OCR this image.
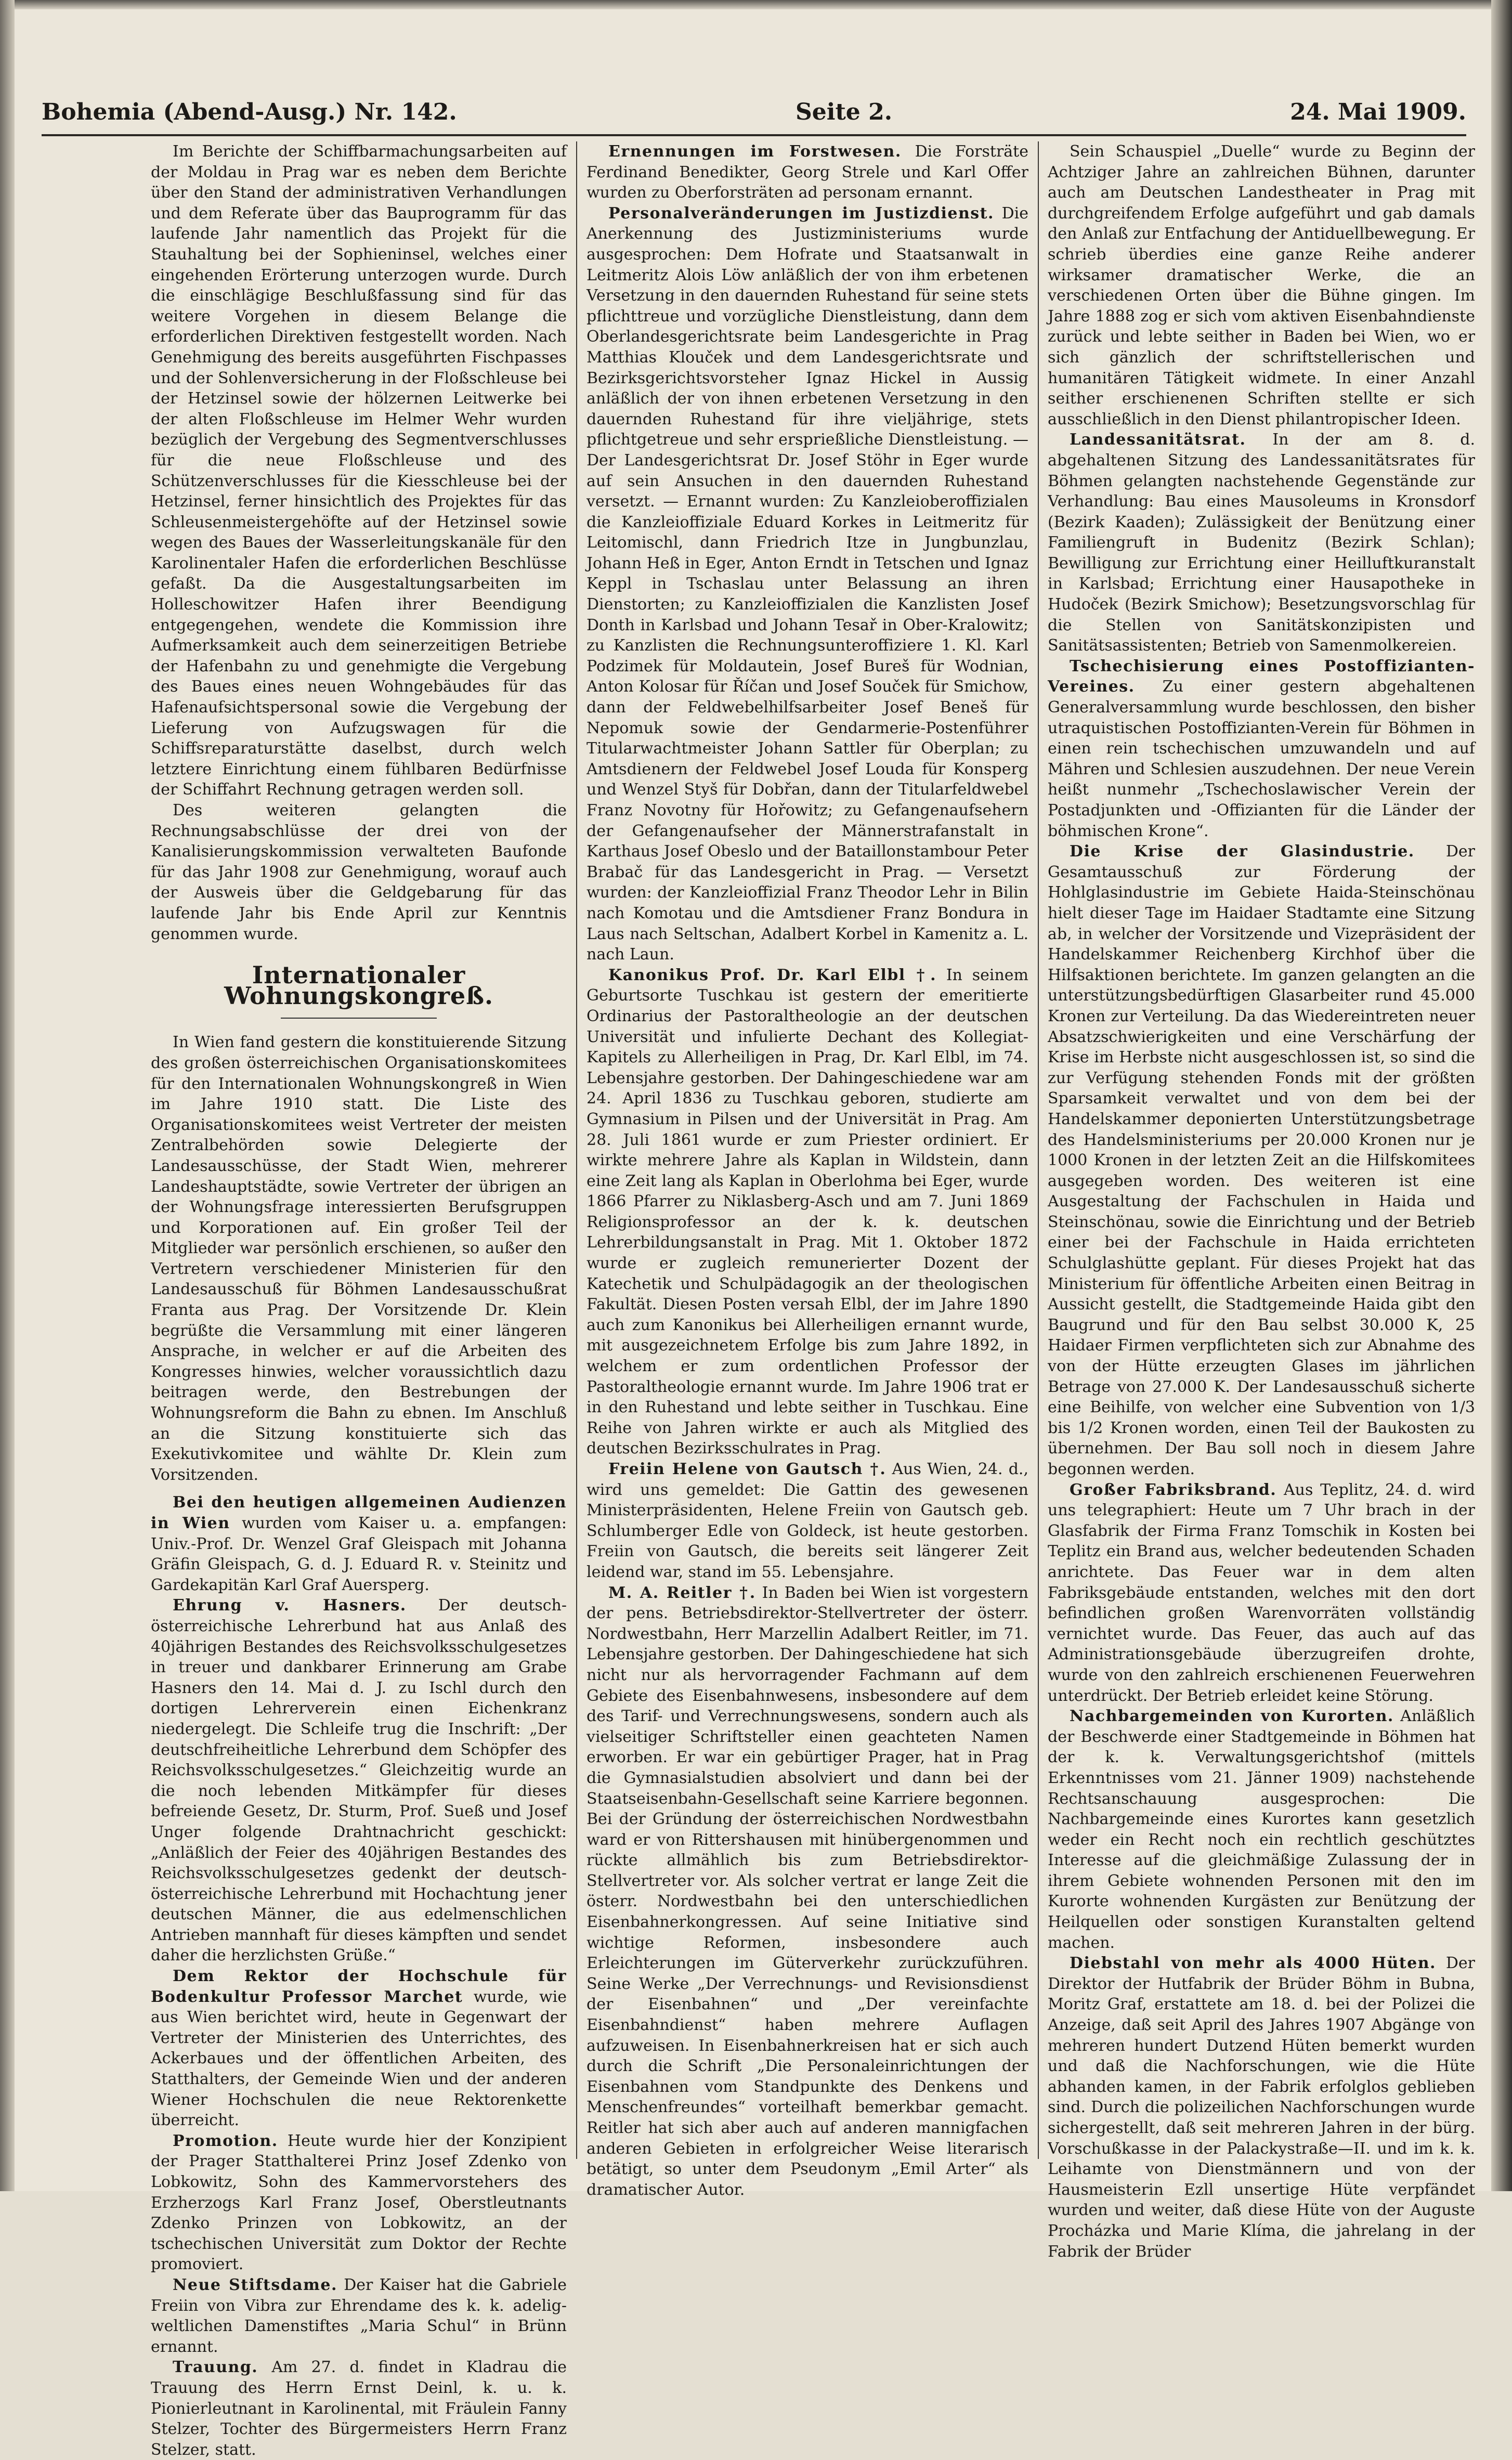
Bohemia (Abend-Ausg.) Nr. 142.	Seite 2.	24. Mai 1909.

Im Berichte der Schiffbarmachungsarbeiten auf der Moldau in Prag war es neben dem Berichte über den Stand der administrativen Verhandlungen und dem Referate über das Bauprogramm für das laufende Jahr namentlich das Projekt für die Stauhaltung bei der Sophieninsel, welches einer eingehenden Erörterung unterzogen wurde. Durch die einschlägige Beschlußfassung sind für das weitere Vorgehen in diesem Belange die erforderlichen Direktiven festgestellt worden. Nach Genehmigung des bereits ausgeführten Fischpasses und der Sohlenversicherung in der Floßschleuse bei der Hetzinsel sowie der hölzernen Leitwerke bei der alten Floßschleuse im Helmer Wehr wurden bezüglich der Vergebung des Segmentverschlusses für die neue Floßschleuse und des Schützenverschlusses für die Kiesschleuse bei der Hetzinsel, ferner hinsichtlich des Projektes für das Schleusenmeistergehöfte auf der Hetzinsel sowie wegen des Baues der Wasserleitungskanäle für den Karolinentaler Hafen die erforderlichen Beschlüsse gefaßt. Da die Ausgestaltungsarbeiten im Holleschowitzer Hafen ihrer Beendigung entgegengehen, wendete die Kommission ihre Aufmerksamkeit auch dem seinerzeitigen Betriebe der Hafenbahn zu und genehmigte die Vergebung des Baues eines neuen Wohngebäudes für das Hafenaufsichtspersonal sowie die Vergebung der Lieferung von Aufzugswagen für die Schiffsreparaturstätte daselbst, durch welch letztere Einrichtung einem fühlbaren Bedürfnisse der Schiffahrt Rechnung getragen werden soll.

Des weiteren gelangten die Rechnungsabschlüsse der drei von der Kanalisierungskommission verwalteten Baufonde für das Jahr 1908 zur Genehmigung, worauf auch der Ausweis über die Geldgebarung für das laufende Jahr bis Ende April zur Kenntnis genommen wurde.

Internationaler Wohnungskongreß.

In Wien fand gestern die konstituierende Sitzung des großen österreichischen Organisationskomitees für den Internationalen Wohnungskongreß in Wien im Jahre 1910 statt. Die Liste des Organisationskomitees weist Vertreter der meisten Zentralbehörden sowie Delegierte der Landesausschüsse, der Stadt Wien, mehrerer Landeshauptstädte, sowie Vertreter der übrigen an der Wohnungsfrage interessierten Berufsgruppen und Korporationen auf. Ein großer Teil der Mitglieder war persönlich erschienen, so außer den Vertretern verschiedener Ministerien für den Landesausschuß für Böhmen Landesausschußrat Franta aus Prag. Der Vorsitzende Dr. Klein begrüßte die Versammlung mit einer längeren Ansprache, in welcher er auf die Arbeiten des Kongresses hinwies, welcher voraussichtlich dazu beitragen werde, den Bestrebungen der Wohnungsreform die Bahn zu ebnen. Im Anschluß an die Sitzung konstituierte sich das Exekutivkomitee und wählte Dr. Klein zum Vorsitzenden.

Bei den heutigen allgemeinen Audienzen in Wien wurden vom Kaiser u. a. empfangen: Univ.-Prof. Dr. Wenzel Graf Gleispach mit Johanna Gräfin Gleispach, G. d. J. Eduard R. v. Steinitz und Gardekapitän Karl Graf Auersperg.

Ehrung v. Hasners. Der deutsch-österreichische Lehrerbund hat aus Anlaß des 40jährigen Bestandes des Reichsvolksschulgesetzes in treuer und dankbarer Erinnerung am Grabe Hasners den 14. Mai d. J. zu Ischl durch den dortigen Lehrerverein einen Eichenkranz niedergelegt. Die Schleife trug die Inschrift: „Der deutschfreiheitliche Lehrerbund dem Schöpfer des Reichsvolksschulgesetzes.“ Gleichzeitig wurde an die noch lebenden Mitkämpfer für dieses befreiende Gesetz, Dr. Sturm, Prof. Sueß und Josef Unger folgende Drahtnachricht geschickt: „Anläßlich der Feier des 40jährigen Bestandes des Reichsvolksschulgesetzes gedenkt der deutsch-österreichische Lehrerbund mit Hochachtung jener deutschen Männer, die aus edelmenschlichen Antrieben mannhaft für dieses kämpften und sendet daher die herzlichsten Grüße.“

Dem Rektor der Hochschule für Bodenkultur Professor Marchet wurde, wie aus Wien berichtet wird, heute in Gegenwart der Vertreter der Ministerien des Unterrichtes, des Ackerbaues und der öffentlichen Arbeiten, des Statthalters, der Gemeinde Wien und der anderen Wiener Hochschulen die neue Rektorenkette überreicht.

Promotion. Heute wurde hier der Konzipient der Prager Statthalterei Prinz Josef Zdenko von Lobkowitz, Sohn des Kammervorstehers des Erzherzogs Karl Franz Josef, Oberstleutnants Zdenko Prinzen von Lobkowitz, an der tschechischen Universität zum Doktor der Rechte promoviert.

Neue Stiftsdame. Der Kaiser hat die Gabriele Freiin von Vibra zur Ehrendame des k. k. adelig-weltlichen Damenstiftes „Maria Schul“ in Brünn ernannt.

Trauung. Am 27. d. findet in Kladrau die Trauung des Herrn Ernst Deinl, k. u. k. Pionierleutnant in Karolinental, mit Fräulein Fanny Stelzer, Tochter des Bürgermeisters Herrn Franz Stelzer, statt.

Ernennungen im Forstwesen. Die Forsträte Ferdinand Benedikter, Georg Strele und Karl Offer wurden zu Oberforsträten ad personam ernannt.

Personalveränderungen im Justizdienst. Die Anerkennung des Justizministeriums wurde ausgesprochen: Dem Hofrate und Staatsanwalt in Leitmeritz Alois Löw anläßlich der von ihm erbetenen Versetzung in den dauernden Ruhestand für seine stets pflichttreue und vorzügliche Dienstleistung, dann dem Oberlandesgerichtsrate beim Landesgerichte in Prag Matthias Klouček und dem Landesgerichtsrate und Bezirksgerichtsvorsteher Ignaz Hickel in Aussig anläßlich der von ihnen erbetenen Versetzung in den dauernden Ruhestand für ihre vieljährige, stets pflichtgetreue und sehr ersprießliche Dienstleistung. — Der Landesgerichtsrat Dr. Josef Stöhr in Eger wurde auf sein Ansuchen in den dauernden Ruhestand versetzt. — Ernannt wurden: Zu Kanzleioberoffizialen die Kanzleioffiziale Eduard Korkes in Leitmeritz für Leitomischl, dann Friedrich Itze in Jungbunzlau, Johann Heß in Eger, Anton Erndt in Tetschen und Ignaz Keppl in Tschaslau unter Belassung an ihren Dienstorten; zu Kanzleioffizialen die Kanzlisten Josef Donth in Karlsbad und Johann Tesař in Ober-Kralowitz; zu Kanzlisten die Rechnungsunteroffiziere 1. Kl. Karl Podzimek für Moldautein, Josef Bureš für Wodnian, Anton Kolosar für Říčan und Josef Souček für Smichow, dann der Feldwebelhilfsarbeiter Josef Beneš für Nepomuk sowie der Gendarmerie-Postenführer Titularwachtmeister Johann Sattler für Oberplan; zu Amtsdienern der Feldwebel Josef Louda für Konsperg und Wenzel Styš für Dobřan, dann der Titularfeldwebel Franz Novotny für Hořowitz; zu Gefangenaufsehern der Gefangenaufseher der Männerstrafanstalt in Karthaus Josef Obeslo und der Bataillonstambour Peter Brabač für das Landesgericht in Prag. — Versetzt wurden: der Kanzleioffizial Franz Theodor Lehr in Bilin nach Komotau und die Amtsdiener Franz Bondura in Laus nach Seltschan, Adalbert Korbel in Kamenitz a. L. nach Laun.

Kanonikus Prof. Dr. Karl Elbl †. In seinem Geburtsorte Tuschkau ist gestern der emeritierte Ordinarius der Pastoraltheologie an der deutschen Universität und infulierte Dechant des Kollegiat-Kapitels zu Allerheiligen in Prag, Dr. Karl Elbl, im 74. Lebensjahre gestorben. Der Dahingeschiedene war am 24. April 1836 zu Tuschkau geboren, studierte am Gymnasium in Pilsen und der Universität in Prag. Am 28. Juli 1861 wurde er zum Priester ordiniert. Er wirkte mehrere Jahre als Kaplan in Wildstein, dann eine Zeit lang als Kaplan in Oberlohma bei Eger, wurde 1866 Pfarrer zu Niklasberg-Asch und am 7. Juni 1869 Religionsprofessor an der k. k. deutschen Lehrerbildungsanstalt in Prag. Mit 1. Oktober 1872 wurde er zugleich remunerierter Dozent der Katechetik und Schulpädagogik an der theologischen Fakultät. Diesen Posten versah Elbl, der im Jahre 1890 auch zum Kanonikus bei Allerheiligen ernannt wurde, mit ausgezeichnetem Erfolge bis zum Jahre 1892, in welchem er zum ordentlichen Professor der Pastoraltheologie ernannt wurde. Im Jahre 1906 trat er in den Ruhestand und lebte seither in Tuschkau. Eine Reihe von Jahren wirkte er auch als Mitglied des deutschen Bezirksschulrates in Prag.

Freiin Helene von Gautsch †. Aus Wien, 24. d., wird uns gemeldet: Die Gattin des gewesenen Ministerpräsidenten, Helene Freiin von Gautsch geb. Schlumberger Edle von Goldeck, ist heute gestorben. Freiin von Gautsch, die bereits seit längerer Zeit leidend war, stand im 55. Lebensjahre.

M. A. Reitler †. In Baden bei Wien ist vorgestern der pens. Betriebsdirektor-Stellvertreter der österr. Nordwestbahn, Herr Marzellin Adalbert Reitler, im 71. Lebensjahre gestorben. Der Dahingeschiedene hat sich nicht nur als hervorragender Fachmann auf dem Gebiete des Eisenbahnwesens, insbesondere auf dem des Tarif- und Verrechnungswesens, sondern auch als vielseitiger Schriftsteller einen geachteten Namen erworben. Er war ein gebürtiger Prager, hat in Prag die Gymnasialstudien absolviert und dann bei der Staatseisenbahn-Gesellschaft seine Karriere begonnen. Bei der Gründung der österreichischen Nordwestbahn ward er von Rittershausen mit hinübergenommen und rückte allmählich bis zum Betriebsdirektor-Stellvertreter vor. Als solcher vertrat er lange Zeit die österr. Nordwestbahn bei den unterschiedlichen Eisenbahnerkongressen. Auf seine Initiative sind wichtige Reformen, insbesondere auch Erleichterungen im Güterverkehr zurückzuführen. Seine Werke „Der Verrechnungs- und Revisionsdienst der Eisenbahnen“ und „Der vereinfachte Eisenbahndienst“ haben mehrere Auflagen aufzuweisen. In Eisenbahnerkreisen hat er sich auch durch die Schrift „Die Personaleinrichtungen der Eisenbahnen vom Standpunkte des Denkens und Menschenfreundes“ vorteilhaft bemerkbar gemacht. Reitler hat sich aber auch auf anderen mannigfachen anderen Gebieten in erfolgreicher Weise literarisch betätigt, so unter dem Pseudonym „Emil Arter“ als dramatischer Autor.

Sein Schauspiel „Duelle“ wurde zu Beginn der Achtziger Jahre an zahlreichen Bühnen, darunter auch am Deutschen Landestheater in Prag mit durchgreifendem Erfolge aufgeführt und gab damals den Anlaß zur Entfachung der Antiduellbewegung. Er schrieb überdies eine ganze Reihe anderer wirksamer dramatischer Werke, die an verschiedenen Orten über die Bühne gingen. Im Jahre 1888 zog er sich vom aktiven Eisenbahndienste zurück und lebte seither in Baden bei Wien, wo er sich gänzlich der schriftstellerischen und humanitären Tätigkeit widmete. In einer Anzahl seither erschienenen Schriften stellte er sich ausschließlich in den Dienst philantropischer Ideen.

Landessanitätsrat. In der am 8. d. abgehaltenen Sitzung des Landessanitätsrates für Böhmen gelangten nachstehende Gegenstände zur Verhandlung: Bau eines Mausoleums in Kronsdorf (Bezirk Kaaden); Zulässigkeit der Benützung einer Familiengruft in Budenitz (Bezirk Schlan); Bewilligung zur Errichtung einer Heilluftkuranstalt in Karlsbad; Errichtung einer Hausapotheke in Hudoček (Bezirk Smichow); Besetzungsvorschlag für die Stellen von Sanitätskonzipisten und Sanitätsassistenten; Betrieb von Samenmolkereien.

Tschechisierung eines Postoffizianten-Vereines. Zu einer gestern abgehaltenen Generalversammlung wurde beschlossen, den bisher utraquistischen Postoffizianten-Verein für Böhmen in einen rein tschechischen umzuwandeln und auf Mähren und Schlesien auszudehnen. Der neue Verein heißt nunmehr „Tschechoslawischer Verein der Postadjunkten und -Offizianten für die Länder der böhmischen Krone“.

Die Krise der Glasindustrie. Der Gesamtausschuß zur Förderung der Hohlglasindustrie im Gebiete Haida-Steinschönau hielt dieser Tage im Haidaer Stadtamte eine Sitzung ab, in welcher der Vorsitzende und Vizepräsident der Handelskammer Reichenberg Kirchhof über die Hilfsaktionen berichtete. Im ganzen gelangten an die unterstützungsbedürftigen Glasarbeiter rund 45.000 Kronen zur Verteilung. Da das Wiedereintreten neuer Absatzschwierigkeiten und eine Verschärfung der Krise im Herbste nicht ausgeschlossen ist, so sind die zur Verfügung stehenden Fonds mit der größten Sparsamkeit verwaltet und von dem bei der Handelskammer deponierten Unterstützungsbetrage des Handelsministeriums per 20.000 Kronen nur je 1000 Kronen in der letzten Zeit an die Hilfskomitees ausgegeben worden. Des weiteren ist eine Ausgestaltung der Fachschulen in Haida und Steinschönau, sowie die Einrichtung und der Betrieb einer bei der Fachschule in Haida errichteten Schulglashütte geplant. Für dieses Projekt hat das Ministerium für öffentliche Arbeiten einen Beitrag in Aussicht gestellt, die Stadtgemeinde Haida gibt den Baugrund und für den Bau selbst 30.000 K, 25 Haidaer Firmen verpflichteten sich zur Abnahme des von der Hütte erzeugten Glases im jährlichen Betrage von 27.000 K. Der Landesausschuß sicherte eine Beihilfe, von welcher eine Subvention von 1/3 bis 1/2 Kronen worden, einen Teil der Baukosten zu übernehmen. Der Bau soll noch in diesem Jahre begonnen werden.

Großer Fabriksbrand. Aus Teplitz, 24. d. wird uns telegraphiert: Heute um 7 Uhr brach in der Glasfabrik der Firma Franz Tomschik in Kosten bei Teplitz ein Brand aus, welcher bedeutenden Schaden anrichtete. Das Feuer war in dem alten Fabriksgebäude entstanden, welches mit den dort befindlichen großen Warenvorräten vollständig vernichtet wurde. Das Feuer, das auch auf das Administrationsgebäude überzugreifen drohte, wurde von den zahlreich erschienenen Feuerwehren unterdrückt. Der Betrieb erleidet keine Störung.

Nachbargemeinden von Kurorten. Anläßlich der Beschwerde einer Stadtgemeinde in Böhmen hat der k. k. Verwaltungsgerichtshof (mittels Erkenntnisses vom 21. Jänner 1909) nachstehende Rechtsanschauung ausgesprochen: Die Nachbargemeinde eines Kurortes kann gesetzlich weder ein Recht noch ein rechtlich geschütztes Interesse auf die gleichmäßige Zulassung der in ihrem Gebiete wohnenden Personen mit den im Kurorte wohnenden Kurgästen zur Benützung der Heilquellen oder sonstigen Kuranstalten geltend machen.

Diebstahl von mehr als 4000 Hüten. Der Direktor der Hutfabrik der Brüder Böhm in Bubna, Moritz Graf, erstattete am 18. d. bei der Polizei die Anzeige, daß seit April des Jahres 1907 Abgänge von mehreren hundert Dutzend Hüten bemerkt wurden und daß die Nachforschungen, wie die Hüte abhanden kamen, in der Fabrik erfolglos geblieben sind. Durch die polizeilichen Nachforschungen wurde sichergestellt, daß seit mehreren Jahren in der bürg. Vorschußkasse in der Palackystraße—II. und im k. k. Leihamte von Dienstmännern und von der Hausmeisterin Ezll unsertige Hüte verpfändet wurden und weiter, daß diese Hüte von der Auguste Procházka und Marie Klíma, die jahrelang in der Fabrik der Brüder
